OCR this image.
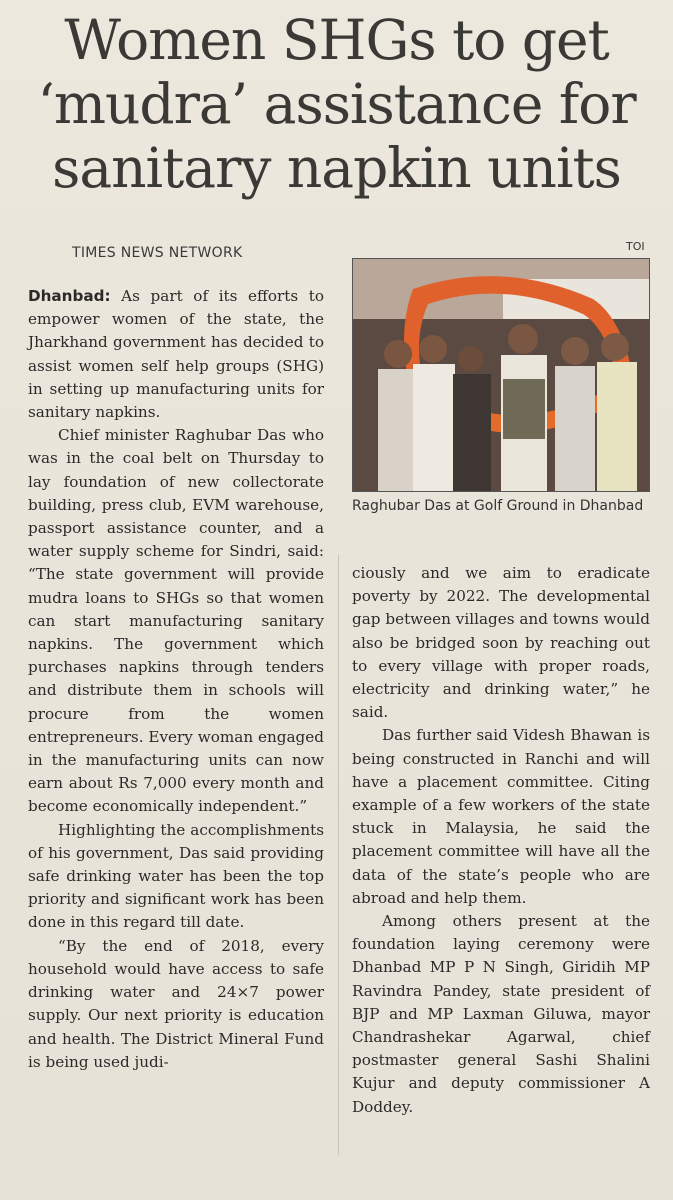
Women SHGs to get ‘mudra’ assistance for sanitary napkin units
TIMES NEWS NETWORK	TOI
Raghubar Das at Golf Ground in Dhanbad

Dhanbad: As part of its efforts to empower women of the state, the Jharkhand government has decided to assist women self help groups (SHG) in setting up manufacturing units for sanitary napkins.

Chief minister Raghubar Das who was in the coal belt on Thursday to lay foundation of new collectorate building, press club, EVM warehouse, passport assistance counter, and a water supply scheme for Sindri, said: “The state government will provide mudra loans to SHGs so that women can start manufacturing sanitary napkins. The government which purchases napkins through tenders and distribute them in schools will procure from the women entrepreneurs. Every woman engaged in the manufacturing units can now earn about Rs 7,000 every month and become economically independent.”

Highlighting the accomplishments of his government, Das said providing safe drinking water has been the top priority and significant work has been done in this regard till date.

“By the end of 2018, every household would have access to safe drinking water and 24×7 power supply. Our next priority is education and health. The District Mineral Fund is being used judi-

ciously and we aim to eradicate poverty by 2022. The developmental gap between villages and towns would also be bridged soon by reaching out to every village with proper roads, electricity and drinking water,” he said.

Das further said Videsh Bhawan is being constructed in Ranchi and will have a placement committee. Citing example of a few workers of the state stuck in Malaysia, he said the placement committee will have all the data of the state’s people who are abroad and help them.

Among others present at the foundation laying ceremony were Dhanbad MP P N Singh, Giridih MP Ravindra Pandey, state president of BJP and MP Laxman Giluwa, mayor Chandrashekar Agarwal, chief postmaster general Sashi Shalini Kujur and deputy commissioner A Doddey.
